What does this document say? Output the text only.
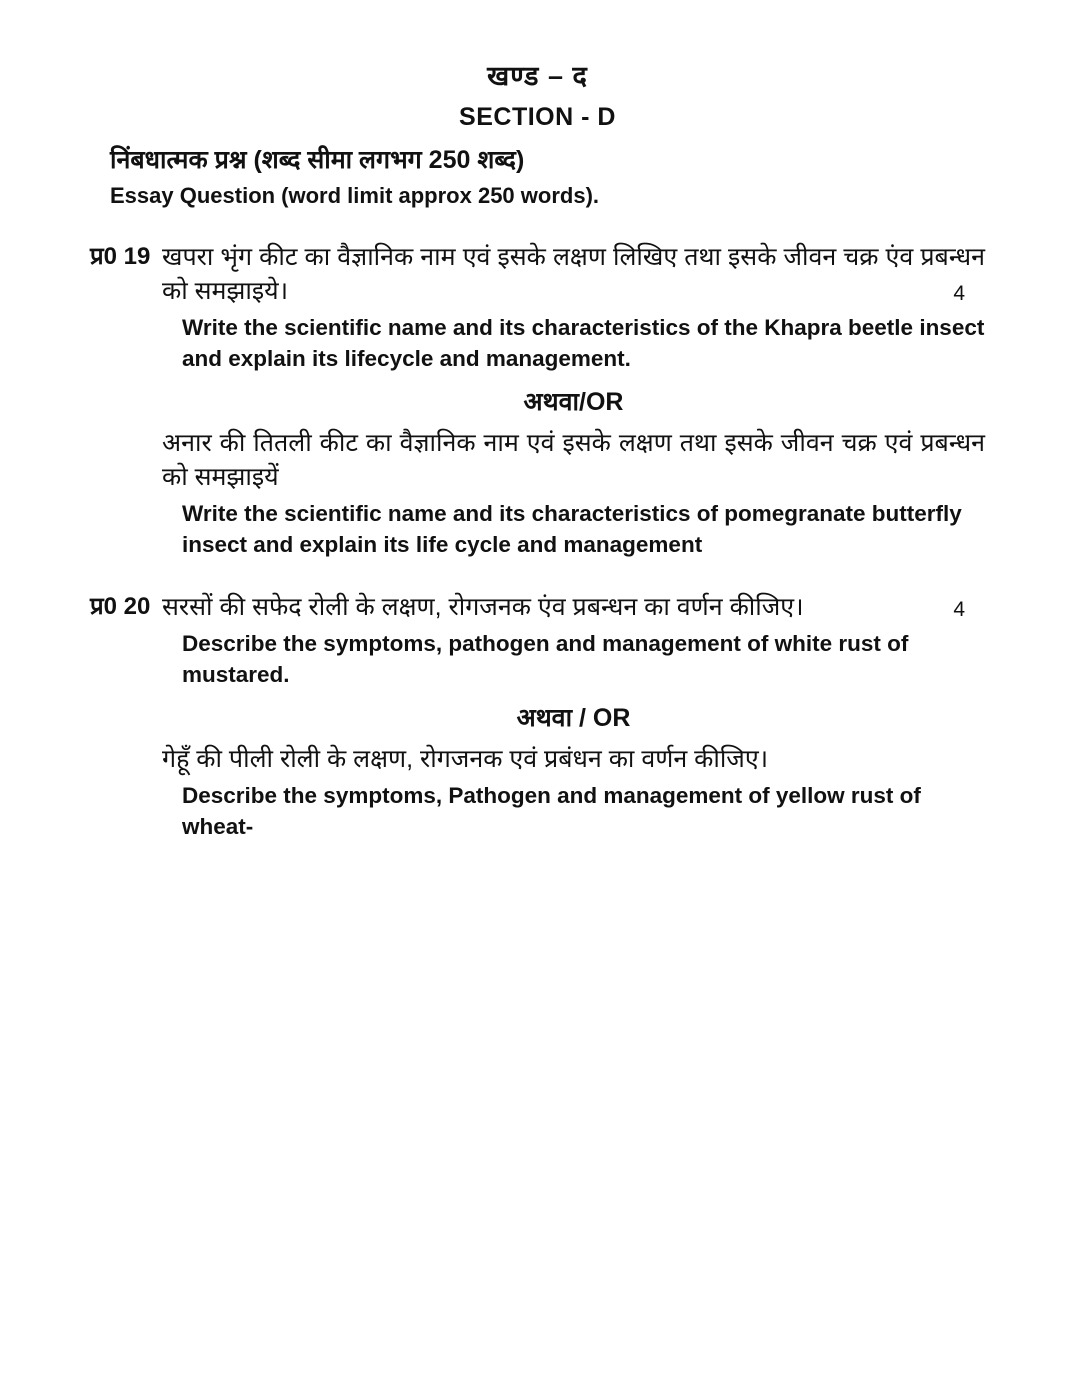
खण्ड – द

SECTION - D

निंबधात्मक प्रश्न (शब्द सीमा लगभग 250 शब्द)

Essay Question (word limit approx 250 words).

प्र0 19 खपरा भृंग कीट का वैज्ञानिक नाम एवं इसके लक्षण लिखिए तथा इसके जीवन चक्र एंव प्रबन्धन को समझाइये।	4

Write the scientific name and its characteristics of the Khapra beetle insect and explain its lifecycle and management.

अथवा/OR

अनार की तितली कीट का वैज्ञानिक नाम एवं इसके लक्षण तथा इसके जीवन चक्र एवं प्रबन्धन को समझाइयें

Write the scientific name and its characteristics of pomegranate butterfly insect and explain its life cycle and management

प्र0 20 सरसों की सफेद रोली के लक्षण, रोगजनक एंव प्रबन्धन का वर्णन कीजिए।	4

Describe the symptoms, pathogen and management of white rust of mustared.

अथवा / OR

गेहूँ की पीली रोली के लक्षण, रोगजनक एवं प्रबंधन का वर्णन कीजिए।

Describe the symptoms, Pathogen and management of yellow rust of wheat-
